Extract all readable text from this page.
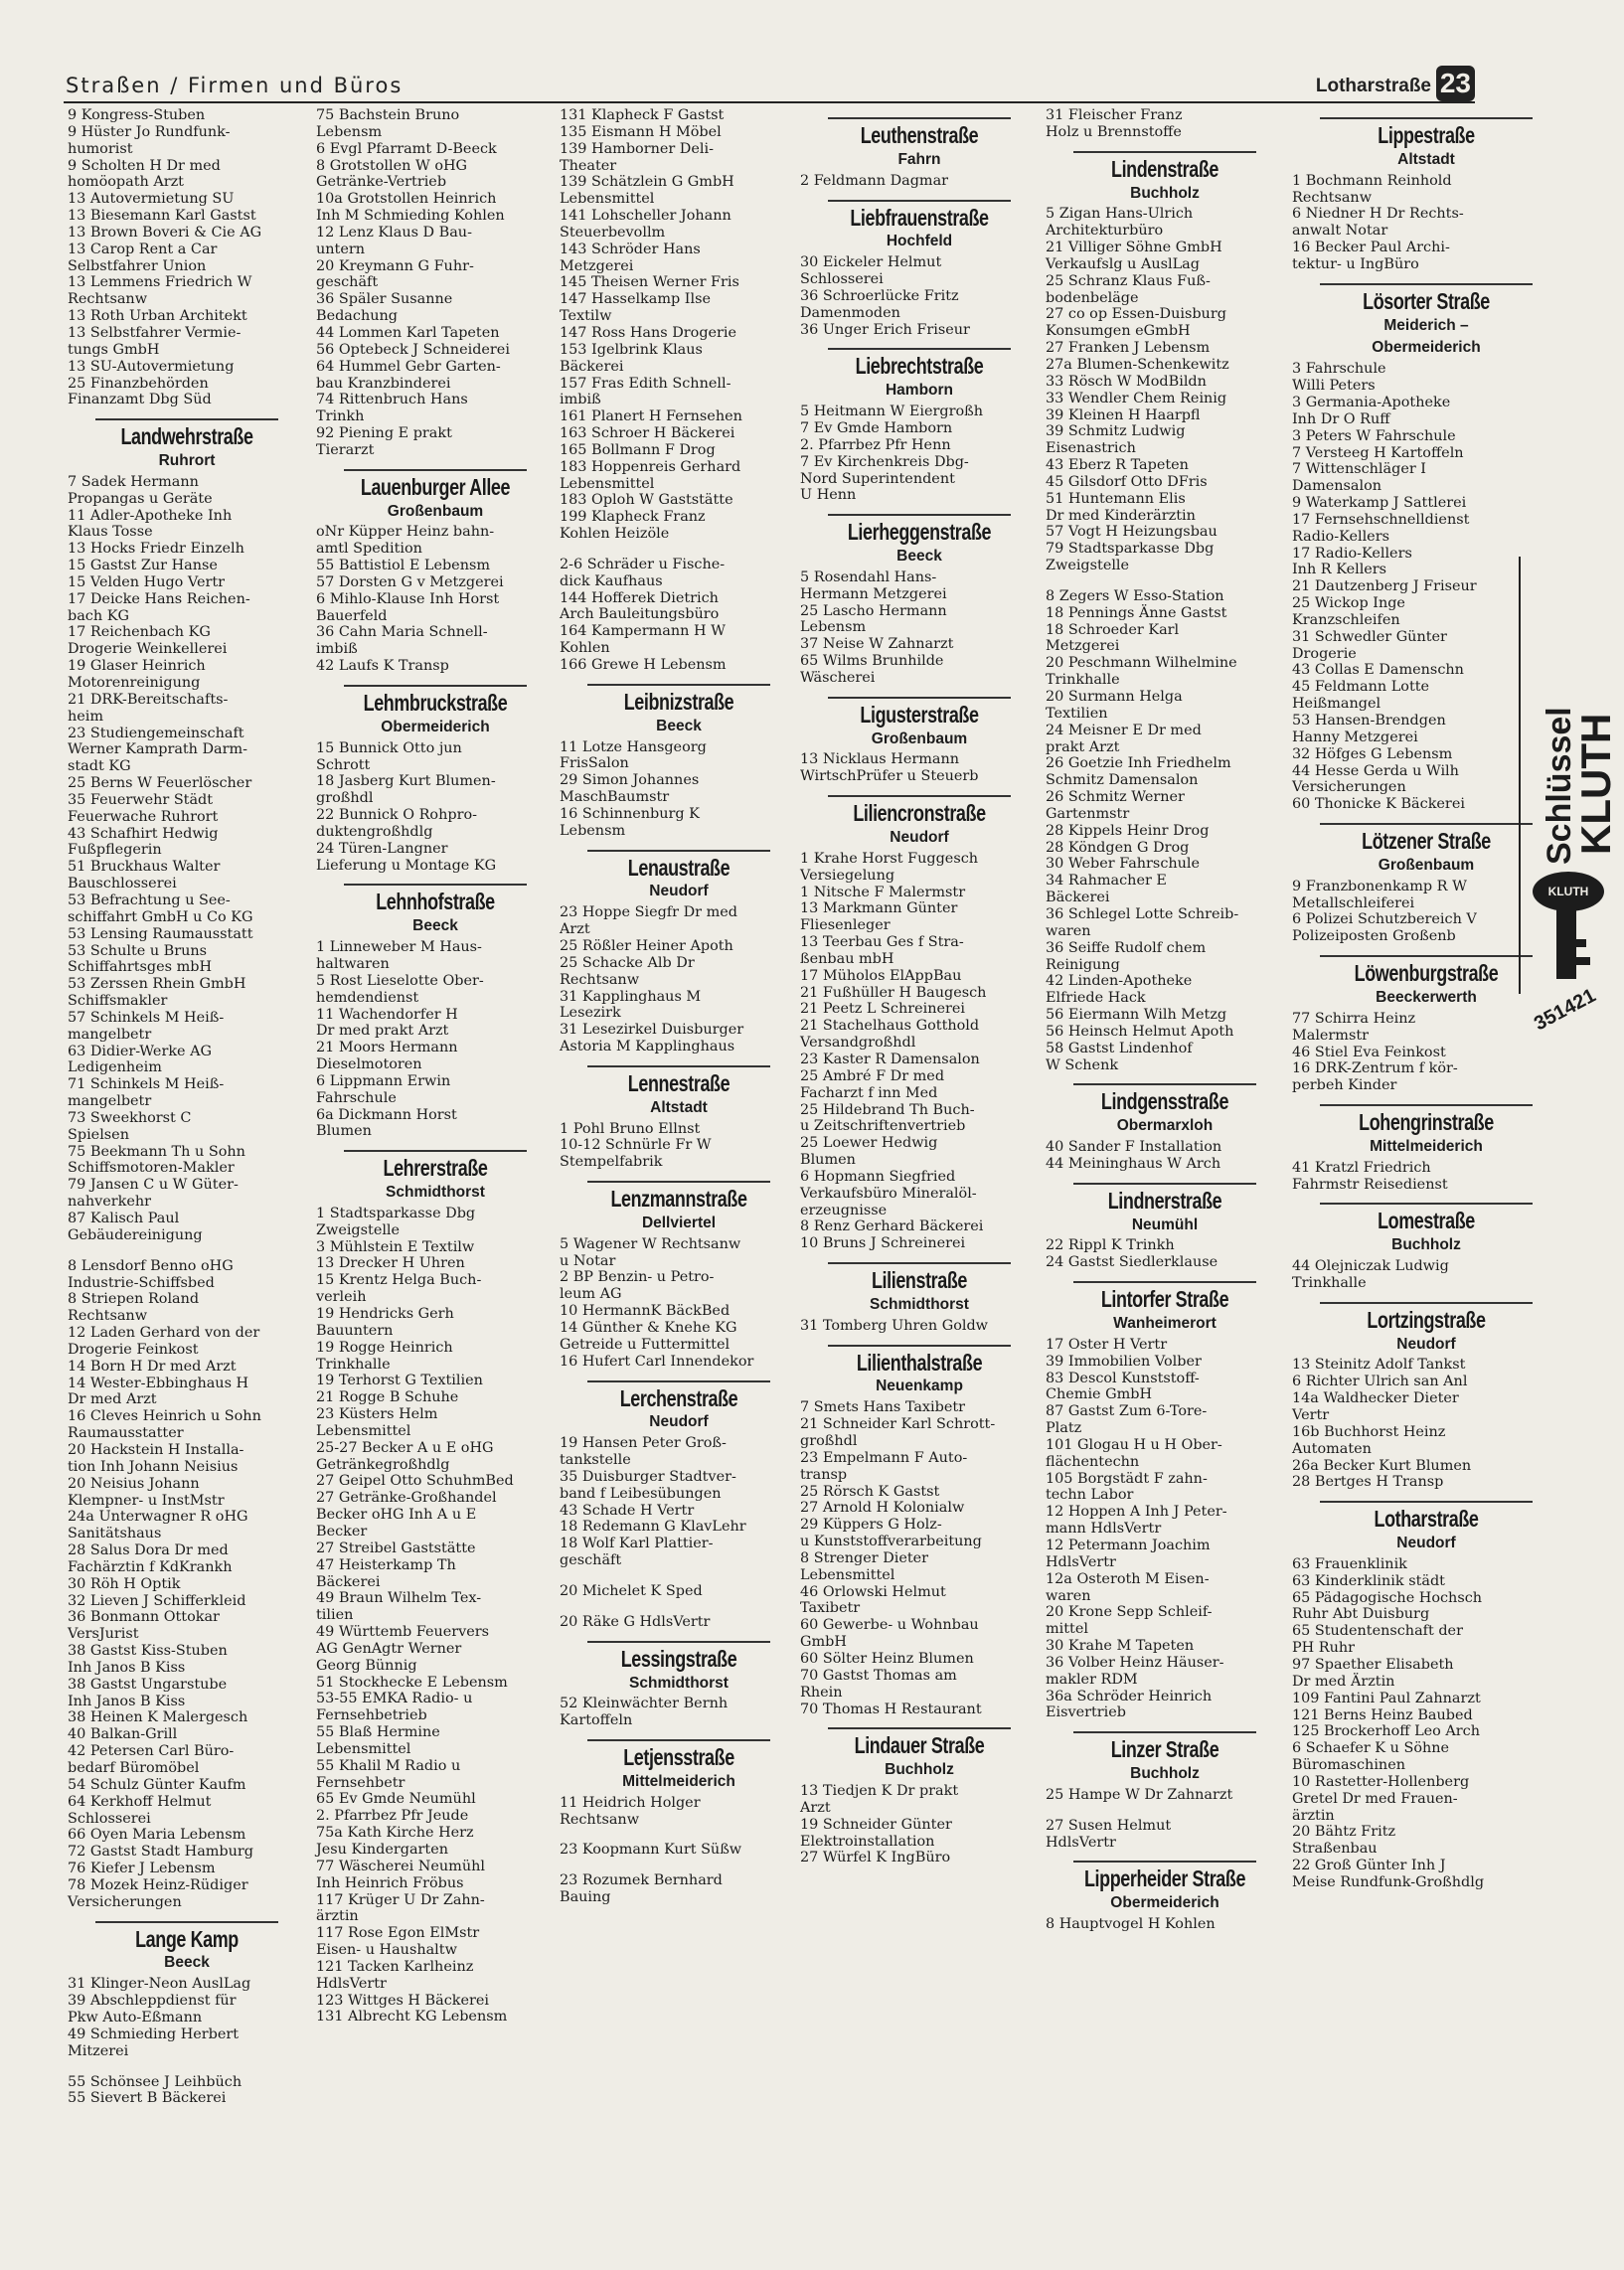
Straßen / Firmen und Büros	Lotharstraße 23
9 Kongress-Stuben
9 Hüster Jo Rundfunk-
humorist
9 Scholten H Dr med
homöopath Arzt
13 Autovermietung SU
13 Biesemann Karl Gastst
13 Brown Boveri & Cie AG
13 Carop Rent a Car
Selbstfahrer Union
13 Lemmens Friedrich W
Rechtsanw
13 Roth Urban Architekt
13 Selbstfahrer Vermie-
tungs GmbH
13 SU-Autovermietung
25 Finanzbehörden
Finanzamt Dbg Süd
Landwehrstraße
Ruhrort
7 Sadek Hermann
Propangas u Geräte
11 Adler-Apotheke Inh
Klaus Tosse
13 Hocks Friedr Einzelh
15 Gastst Zur Hanse
15 Velden Hugo Vertr
17 Deicke Hans Reichen-
bach KG
17 Reichenbach KG
Drogerie Weinkellerei
19 Glaser Heinrich
Motorenreinigung
21 DRK-Bereitschafts-
heim
23 Studiengemeinschaft
Werner Kamprath Darm-
stadt KG
25 Berns W Feuerlöscher
35 Feuerwehr Städt
Feuerwache Ruhrort
43 Schafhirt Hedwig
Fußpflegerin
51 Bruckhaus Walter
Bauschlosserei
53 Befrachtung u See-
schiffahrt GmbH u Co KG
53 Lensing Raumausstatt
53 Schulte u Bruns
Schiffahrtsges mbH
53 Zerssen Rhein GmbH
Schiffsmakler
57 Schinkels M Heiß-
mangelbetr
63 Didier-Werke AG
Ledigenheim
71 Schinkels M Heiß-
mangelbetr
73 Sweekhorst C
Spielsen
75 Beekmann Th u Sohn
Schiffsmotoren-Makler
79 Jansen C u W Güter-
nahverkehr
87 Kalisch Paul
Gebäudereinigung
8 Lensdorf Benno oHG
Industrie-Schiffsbed
8 Striepen Roland
Rechtsanw
12 Laden Gerhard von der
Drogerie Feinkost
14 Born H Dr med Arzt
14 Wester-Ebbinghaus H
Dr med Arzt
16 Cleves Heinrich u Sohn
Raumausstatter
20 Hackstein H Installa-
tion Inh Johann Neisius
20 Neisius Johann
Klempner- u InstMstr
24a Unterwagner R oHG
Sanitätshaus
28 Salus Dora Dr med
Fachärztin f KdKrankh
30 Röh H Optik
32 Lieven J Schifferkleid
36 Bonmann Ottokar
VersJurist
38 Gastst Kiss-Stuben
Inh Janos B Kiss
38 Gastst Ungarstube
Inh Janos B Kiss
38 Heinen K Malergesch
40 Balkan-Grill
42 Petersen Carl Büro-
bedarf Büromöbel
54 Schulz Günter Kaufm
64 Kerkhoff Helmut
Schlosserei
66 Oyen Maria Lebensm
72 Gastst Stadt Hamburg
76 Kiefer J Lebensm
78 Mozek Heinz-Rüdiger
Versicherungen
Lange Kamp
Beeck
31 Klinger-Neon AuslLag
39 Abschleppdienst für
Pkw Auto-Eßmann
49 Schmieding Herbert
Mitzerei
55 Schönsee J Leihbüch
55 Sievert B Bäckerei
75 Bachstein Bruno
Lebensm
6 Evgl Pfarramt D-Beeck
8 Grotstollen W oHG
Getränke-Vertrieb
10a Grotstollen Heinrich
Inh M Schmieding Kohlen
12 Lenz Klaus D Bau-
untern
20 Kreymann G Fuhr-
geschäft
36 Späler Susanne
Bedachung
44 Lommen Karl Tapeten
56 Optebeck J Schneiderei
64 Hummel Gebr Garten-
bau Kranzbinderei
74 Rittenbruch Hans
Trinkh
92 Piening E prakt
Tierarzt
Lauenburger Allee
Großenbaum
oNr Küpper Heinz bahn-
amtl Spedition
55 Battistiol E Lebensm
57 Dorsten G v Metzgerei
6 Mihlo-Klause Inh Horst
Bauerfeld
36 Cahn Maria Schnell-
imbiß
42 Laufs K Transp
Lehmbruckstraße
Obermeiderich
15 Bunnick Otto jun
Schrott
18 Jasberg Kurt Blumen-
großhdl
22 Bunnick O Rohpro-
duktengroßhdlg
24 Türen-Langner
Lieferung u Montage KG
Lehnhofstraße
Beeck
1 Linneweber M Haus-
haltwaren
5 Rost Lieselotte Ober-
hemdendienst
11 Wachendorfer H
Dr med prakt Arzt
21 Moors Hermann
Dieselmotoren
6 Lippmann Erwin
Fahrschule
6a Dickmann Horst
Blumen
Lehrerstraße
Schmidthorst
1 Stadtsparkasse Dbg
Zweigstelle
3 Mühlstein E Textilw
13 Drecker H Uhren
15 Krentz Helga Buch-
verleih
19 Hendricks Gerh
Bauuntern
19 Rogge Heinrich
Trinkhalle
19 Terhorst G Textilien
21 Rogge B Schuhe
23 Küsters Helm
Lebensmittel
25-27 Becker A u E oHG
Getränkegroßhdlg
27 Geipel Otto SchuhmBed
27 Getränke-Großhandel
Becker oHG Inh A u E
Becker
27 Streibel Gaststätte
47 Heisterkamp Th
Bäckerei
49 Braun Wilhelm Tex-
tilien
49 Württemb Feuervers
AG GenAgtr Werner
Georg Bünnig
51 Stockhecke E Lebensm
53-55 EMKA Radio- u
Fernsehbetrieb
55 Blaß Hermine
Lebensmittel
55 Khalil M Radio u
Fernsehbetr
65 Ev Gmde Neumühl
2. Pfarrbez Pfr Jeude
75a Kath Kirche Herz
Jesu Kindergarten
77 Wäscherei Neumühl
Inh Heinrich Fröbus
117 Krüger U Dr Zahn-
ärztin
117 Rose Egon ElMstr
Eisen- u Haushaltw
121 Tacken Karlheinz
HdlsVertr
123 Wittges H Bäckerei
131 Albrecht KG Lebensm
131 Klapheck F Gastst
135 Eismann H Möbel
139 Hamborner Deli-
Theater
139 Schätzlein G GmbH
Lebensmittel
141 Lohscheller Johann
Steuerbevollm
143 Schröder Hans
Metzgerei
145 Theisen Werner Fris
147 Hasselkamp Ilse
Textilw
147 Ross Hans Drogerie
153 Igelbrink Klaus
Bäckerei
157 Fras Edith Schnell-
imbiß
161 Planert H Fernsehen
163 Schroer H Bäckerei
165 Bollmann F Drog
183 Hoppenreis Gerhard
Lebensmittel
183 Oploh W Gaststätte
199 Klapheck Franz
Kohlen Heizöle
2-6 Schräder u Fische-
dick Kaufhaus
144 Hofferek Dietrich
Arch Bauleitungsbüro
164 Kampermann H W
Kohlen
166 Grewe H Lebensm
Leibnizstraße
Beeck
11 Lotze Hansgeorg
FrisSalon
29 Simon Johannes
MaschBaumstr
16 Schinnenburg K
Lebensm
Lenaustraße
Neudorf
23 Hoppe Siegfr Dr med
Arzt
25 Rößler Heiner Apoth
25 Schacke Alb Dr
Rechtsanw
31 Kapplinghaus M
Lesezirk
31 Lesezirkel Duisburger
Astoria M Kapplinghaus
Lennestraße
Altstadt
1 Pohl Bruno Ellnst
10-12 Schnürle Fr W
Stempelfabrik
Lenzmannstraße
Dellviertel
5 Wagener W Rechtsanw
u Notar
2 BP Benzin- u Petro-
leum AG
10 HermannK BäckBed
14 Günther & Knehe KG
Getreide u Futtermittel
16 Hufert Carl Innendekor
Lerchenstraße
Neudorf
19 Hansen Peter Groß-
tankstelle
35 Duisburger Stadtver-
band f Leibesübungen
43 Schade H Vertr
18 Redemann G KlavLehr
18 Wolf Karl Plattier-
geschäft
20 Michelet K Sped
20 Räke G HdlsVertr
Lessingstraße
Schmidthorst
52 Kleinwächter Bernh
Kartoffeln
Letjensstraße
Mittelmeiderich
11 Heidrich Holger
Rechtsanw
23 Koopmann Kurt Süßw
23 Rozumek Bernhard
Bauing
Leuthenstraße
Fahrn
2 Feldmann Dagmar
Liebfrauenstraße
Hochfeld
30 Eickeler Helmut
Schlosserei
36 Schroerlücke Fritz
Damenmoden
36 Unger Erich Friseur
Liebrechtstraße
Hamborn
5 Heitmann W Eiergroßh
7 Ev Gmde Hamborn
2. Pfarrbez Pfr Henn
7 Ev Kirchenkreis Dbg-
Nord Superintendent
U Henn
Lierheggenstraße
Beeck
5 Rosendahl Hans-
Hermann Metzgerei
25 Lascho Hermann
Lebensm
37 Neise W Zahnarzt
65 Wilms Brunhilde
Wäscherei
Ligusterstraße
Großenbaum
13 Nicklaus Hermann
WirtschPrüfer u Steuerb
Liliencronstraße
Neudorf
1 Krahe Horst Fuggesch
Versiegelung
1 Nitsche F Malermstr
13 Markmann Günter
Fliesenleger
13 Teerbau Ges f Stra-
ßenbau mbH
17 Müholos ElAppBau
21 Fußhüller H Baugesch
21 Peetz L Schreinerei
21 Stachelhaus Gotthold
Versandgroßhdl
23 Kaster R Damensalon
25 Ambré F Dr med
Facharzt f inn Med
25 Hildebrand Th Buch-
u Zeitschriftenvertrieb
25 Loewer Hedwig
Blumen
6 Hopmann Siegfried
Verkaufsbüro Mineralöl-
erzeugnisse
8 Renz Gerhard Bäckerei
10 Bruns J Schreinerei
Lilienstraße
Schmidthorst
31 Tomberg Uhren Goldw
Lilienthalstraße
Neuenkamp
7 Smets Hans Taxibetr
21 Schneider Karl Schrott-
großhdl
23 Empelmann F Auto-
transp
25 Rörsch K Gastst
27 Arnold H Kolonialw
29 Küppers G Holz-
u Kunststoffverarbeitung
8 Strenger Dieter
Lebensmittel
46 Orlowski Helmut
Taxibetr
60 Gewerbe- u Wohnbau
GmbH
60 Sölter Heinz Blumen
70 Gastst Thomas am
Rhein
70 Thomas H Restaurant
Lindauer Straße
Buchholz
13 Tiedjen K Dr prakt
Arzt
19 Schneider Günter
Elektroinstallation
27 Würfel K IngBüro
31 Fleischer Franz
Holz u Brennstoffe
Lindenstraße
Buchholz
5 Zigan Hans-Ulrich
Architekturbüro
21 Villiger Söhne GmbH
Verkaufslg u AuslLag
25 Schranz Klaus Fuß-
bodenbeläge
27 co op Essen-Duisburg
Konsumgen eGmbH
27 Franken J Lebensm
27a Blumen-Schenkewitz
33 Rösch W ModBildn
33 Wendler Chem Reinig
39 Kleinen H Haarpfl
39 Schmitz Ludwig
Eisenastrich
43 Eberz R Tapeten
45 Gilsdorf Otto DFris
51 Huntemann Elis
Dr med Kinderärztin
57 Vogt H Heizungsbau
79 Stadtsparkasse Dbg
Zweigstelle
8 Zegers W Esso-Station
18 Pennings Änne Gastst
18 Schroeder Karl
Metzgerei
20 Peschmann Wilhelmine
Trinkhalle
20 Surmann Helga
Textilien
24 Meisner E Dr med
prakt Arzt
26 Goetzie Inh Friedhelm
Schmitz Damensalon
26 Schmitz Werner
Gartenmstr
28 Kippels Heinr Drog
28 Köndgen G Drog
30 Weber Fahrschule
34 Rahmacher E
Bäckerei
36 Schlegel Lotte Schreib-
waren
36 Seiffe Rudolf chem
Reinigung
42 Linden-Apotheke
Elfriede Hack
56 Eiermann Wilh Metzg
56 Heinsch Helmut Apoth
58 Gastst Lindenhof
W Schenk
Lindgensstraße
Obermarxloh
40 Sander F Installation
44 Meininghaus W Arch
Lindnerstraße
Neumühl
22 Rippl K Trinkh
24 Gastst Siedlerklause
Lintorfer Straße
Wanheimerort
17 Oster H Vertr
39 Immobilien Volber
83 Descol Kunststoff-
Chemie GmbH
87 Gastst Zum 6-Tore-
Platz
101 Glogau H u H Ober-
flächentechn
105 Borgstädt F zahn-
techn Labor
12 Hoppen A Inh J Peter-
mann HdlsVertr
12 Petermann Joachim
HdlsVertr
12a Osteroth M Eisen-
waren
20 Krone Sepp Schleif-
mittel
30 Krahe M Tapeten
36 Volber Heinz Häuser-
makler RDM
36a Schröder Heinrich
Eisvertrieb
Linzer Straße
Buchholz
25 Hampe W Dr Zahnarzt
27 Susen Helmut
HdlsVertr
Lipperheider Straße
Obermeiderich
8 Hauptvogel H Kohlen
Lippestraße
Altstadt
1 Bochmann Reinhold
Rechtsanw
6 Niedner H Dr Rechts-
anwalt Notar
16 Becker Paul Archi-
tektur- u IngBüro
Lösorter Straße
Meiderich –
Obermeiderich
3 Fahrschule
Willi Peters
3 Germania-Apotheke
Inh Dr O Ruff
3 Peters W Fahrschule
7 Versteeg H Kartoffeln
7 Wittenschläger I
Damensalon
9 Waterkamp J Sattlerei
17 Fernsehschnelldienst
Radio-Kellers
17 Radio-Kellers
Inh R Kellers
21 Dautzenberg J Friseur
25 Wickop Inge
Kranzschleifen
31 Schwedler Günter
Drogerie
43 Collas E Damenschn
45 Feldmann Lotte
Heißmangel
53 Hansen-Brendgen
Hanny Metzgerei
32 Höfges G Lebensm
44 Hesse Gerda u Wilh
Versicherungen
60 Thonicke K Bäckerei
Lötzener Straße
Großenbaum
9 Franzbonenkamp R W
Metallschleiferei
6 Polizei Schutzbereich V
Polizeiposten Großenb
Löwenburgstraße
Beeckerwerth
77 Schirra Heinz
Malermstr
46 Stiel Eva Feinkost
16 DRK-Zentrum f kör-
perbeh Kinder
Lohengrinstraße
Mittelmeiderich
41 Kratzl Friedrich
Fahrmstr Reisedienst
Lomestraße
Buchholz
44 Olejniczak Ludwig
Trinkhalle
Lortzingstraße
Neudorf
13 Steinitz Adolf Tankst
6 Richter Ulrich san Anl
14a Waldhecker Dieter
Vertr
16b Buchhorst Heinz
Automaten
26a Becker Kurt Blumen
28 Bertges H Transp
Lotharstraße
Neudorf
63 Frauenklinik
63 Kinderklinik städt
65 Pädagogische Hochsch
Ruhr Abt Duisburg
65 Studentenschaft der
PH Ruhr
97 Spaether Elisabeth
Dr med Ärztin
109 Fantini Paul Zahnarzt
121 Berns Heinz Baubed
125 Brockerhoff Leo Arch
6 Schaefer K u Söhne
Büromaschinen
10 Rastetter-Hollenberg
Gretel Dr med Frauen-
ärztin
20 Bähtz Fritz
Straßenbau
22 Groß Günter Inh J
Meise Rundfunk-Großhdlg
Schlüssel
KLUTH
KLUTH
351421
